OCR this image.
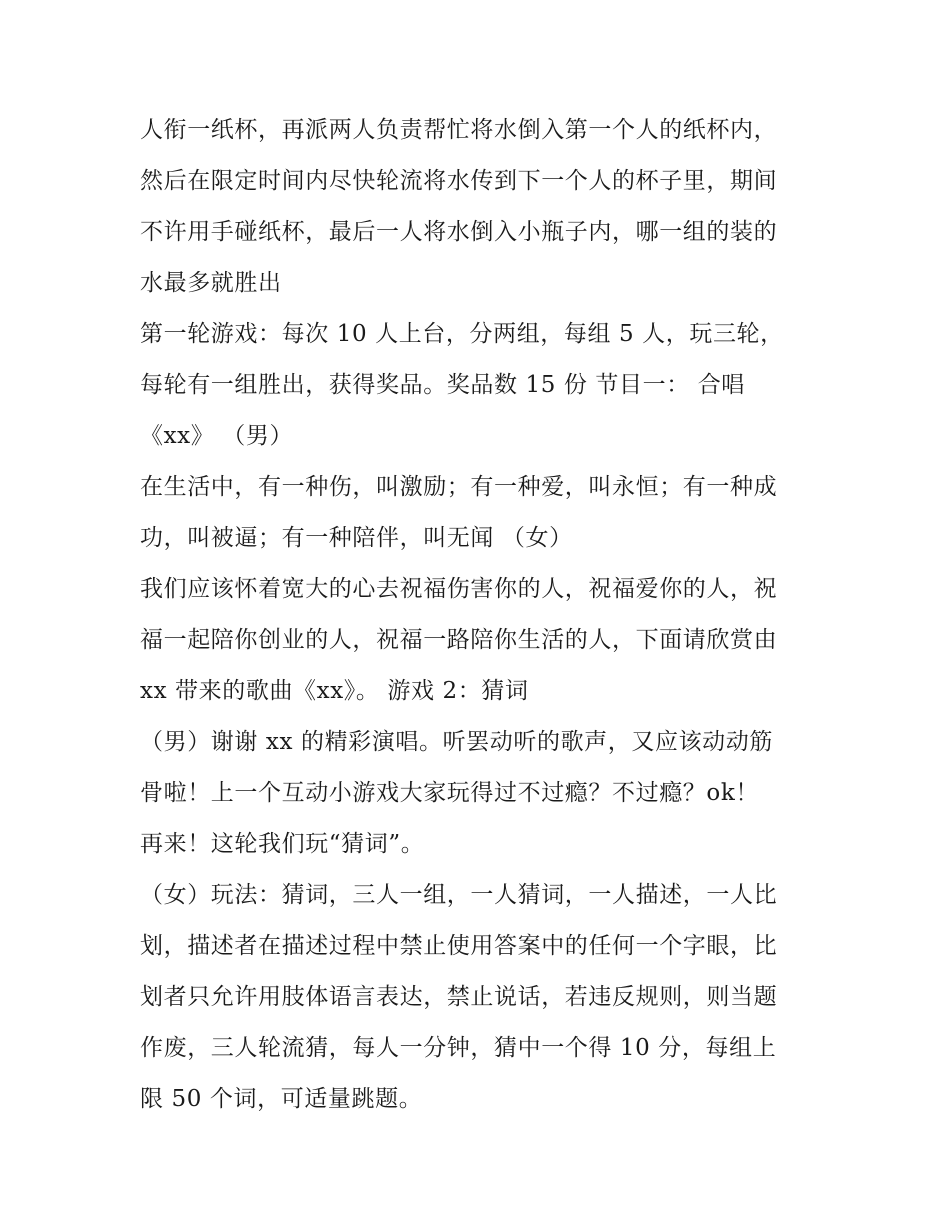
人衔一纸杯，再派两人负责帮忙将水倒入第一个人的纸杯内，
然后在限定时间内尽快轮流将水传到下一个人的杯子里，期间
不许用手碰纸杯，最后一人将水倒入小瓶子内，哪一组的装的
水最多就胜出
第一轮游戏：每次 10 人上台，分两组，每组 5 人，玩三轮，
每轮有一组胜出，获得奖品。奖品数 15 份 节目一： 合唱
《xx》 （男）
在生活中，有一种伤，叫激励；有一种爱，叫永恒；有一种成
功，叫被逼；有一种陪伴，叫无闻 （女）
我们应该怀着宽大的心去祝福伤害你的人，祝福爱你的人，祝
福一起陪你创业的人，祝福一路陪你生活的人，下面请欣赏由
xx 带来的歌曲《xx》。 游戏 2：猜词
（男）谢谢 xx 的精彩演唱。听罢动听的歌声，又应该动动筋
骨啦！上一个互动小游戏大家玩得过不过瘾？不过瘾？ok！
再来！这轮我们玩“猜词”。
（女）玩法：猜词，三人一组，一人猜词，一人描述，一人比
划，描述者在描述过程中禁止使用答案中的任何一个字眼，比
划者只允许用肢体语言表达，禁止说话，若违反规则，则当题
作废，三人轮流猜，每人一分钟，猜中一个得 10 分，每组上
限 50 个词，可适量跳题。
